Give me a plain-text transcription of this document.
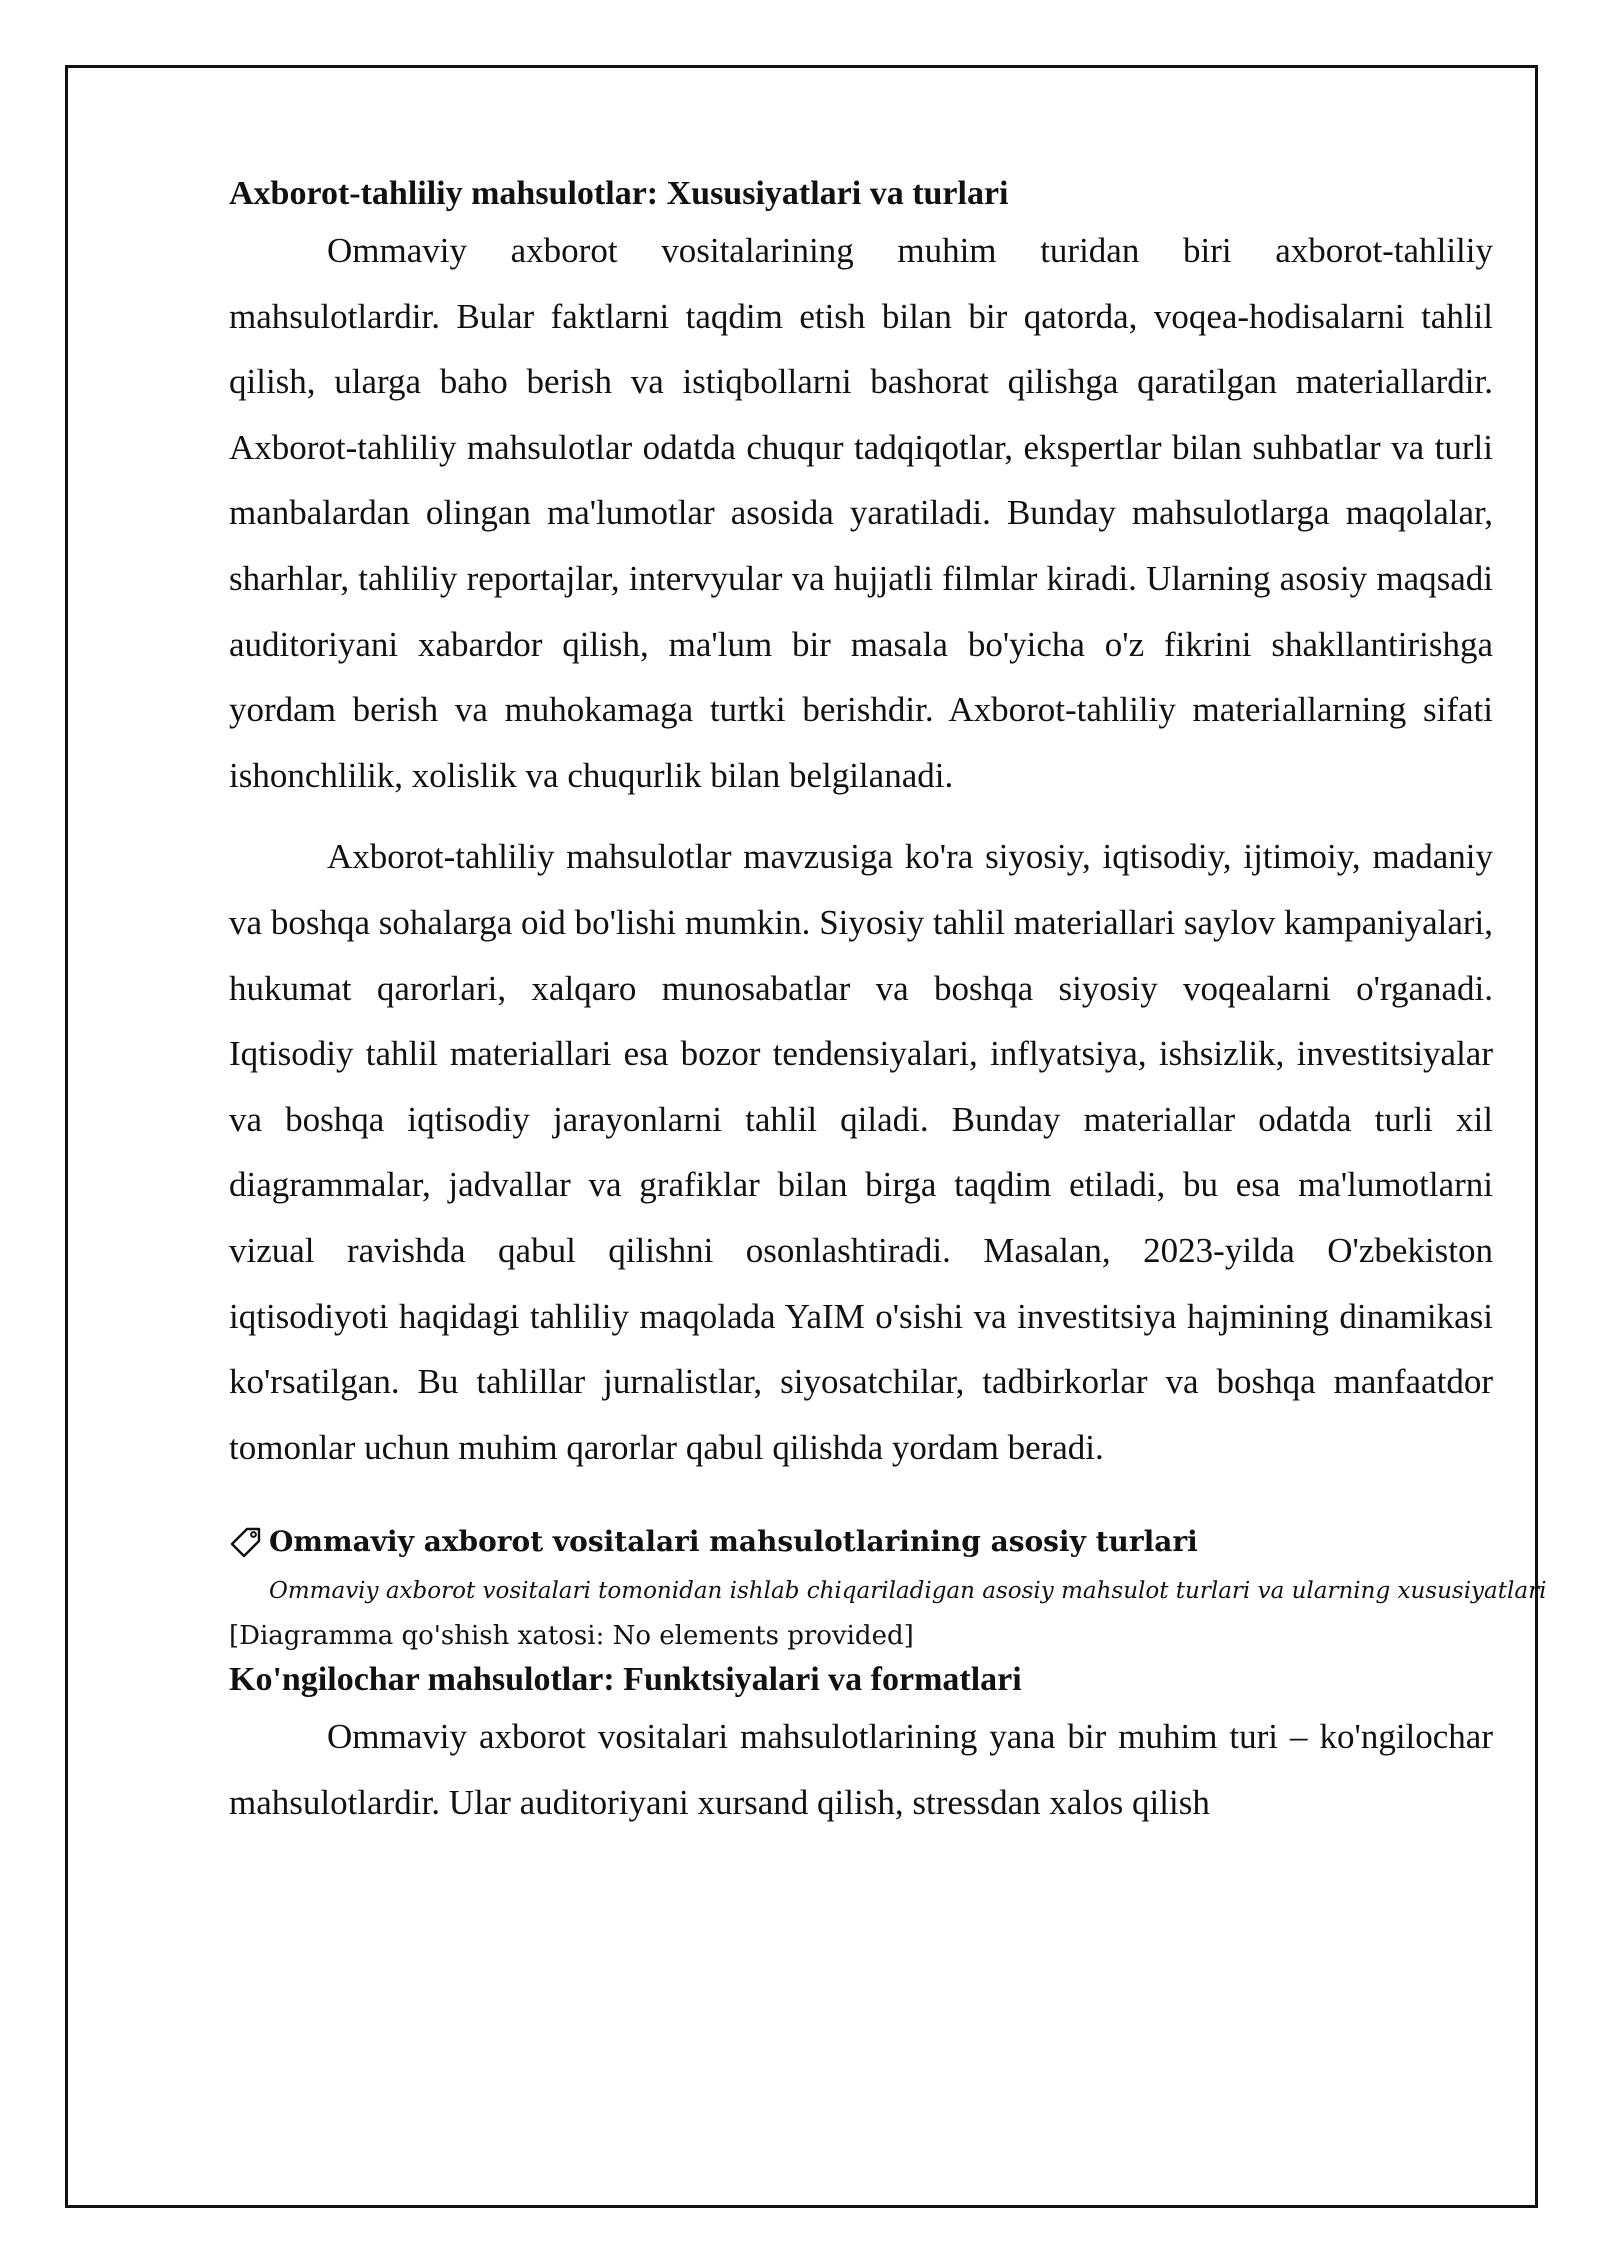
Axborot-tahliliy mahsulotlar: Xususiyatlari va turlari

Ommaviy axborot vositalarining muhim turidan biri axborot-tahliliy mahsulotlardir. Bular faktlarni taqdim etish bilan bir qatorda, voqea-hodisalarni tahlil qilish, ularga baho berish va istiqbollarni bashorat qilishga qaratilgan materiallardir. Axborot-tahliliy mahsulotlar odatda chuqur tadqiqotlar, ekspertlar bilan suhbatlar va turli manbalardan olingan ma'lumotlar asosida yaratiladi. Bunday mahsulotlarga maqolalar, sharhlar, tahliliy reportajlar, intervyular va hujjatli filmlar kiradi. Ularning asosiy maqsadi auditoriyani xabardor qilish, ma'lum bir masala bo'yicha o'z fikrini shakllantirishga yordam berish va muhokamaga turtki berishdir. Axborot-tahliliy materiallarning sifati ishonchlilik, xolislik va chuqurlik bilan belgilanadi.

Axborot-tahliliy mahsulotlar mavzusiga ko'ra siyosiy, iqtisodiy, ijtimoiy, madaniy va boshqa sohalarga oid bo'lishi mumkin. Siyosiy tahlil materiallari saylov kampaniyalari, hukumat qarorlari, xalqaro munosabatlar va boshqa siyosiy voqealarni o'rganadi. Iqtisodiy tahlil materiallari esa bozor tendensiyalari, inflyatsiya, ishsizlik, investitsiyalar va boshqa iqtisodiy jarayonlarni tahlil qiladi. Bunday materiallar odatda turli xil diagrammalar, jadvallar va grafiklar bilan birga taqdim etiladi, bu esa ma'lumotlarni vizual ravishda qabul qilishni osonlashtiradi. Masalan, 2023-yilda O'zbekiston iqtisodiyoti haqidagi tahliliy maqolada YaIM o'sishi va investitsiya hajmining dinamikasi ko'rsatilgan. Bu tahlillar jurnalistlar, siyosatchilar, tadbirkorlar va boshqa manfaatdor tomonlar uchun muhim qarorlar qabul qilishda yordam beradi.

Ommaviy axborot vositalari mahsulotlarining asosiy turlari
Ommaviy axborot vositalari tomonidan ishlab chiqariladigan asosiy mahsulot turlari va ularning xususiyatlari
[Diagramma qo'shish xatosi: No elements provided]
Ko'ngilochar mahsulotlar: Funktsiyalari va formatlari

Ommaviy axborot vositalari mahsulotlarining yana bir muhim turi – ko'ngilochar mahsulotlardir. Ular auditoriyani xursand qilish, stressdan xalos qilish
